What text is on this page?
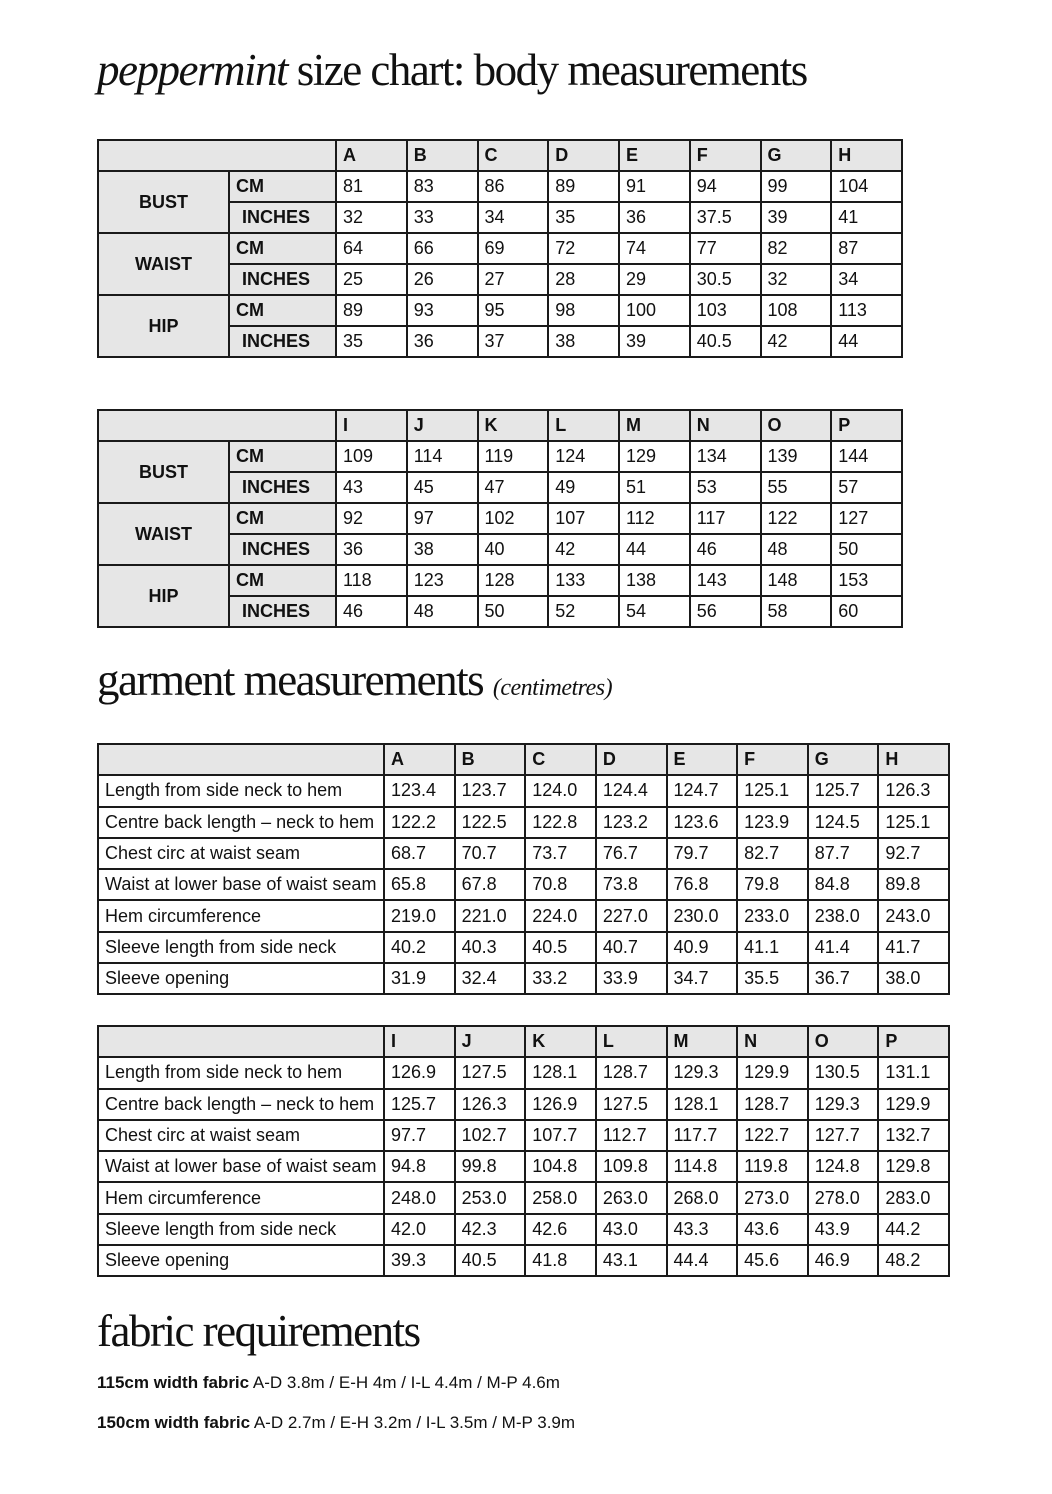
peppermint size chart: body measurements
		A	B	C	D	E	F	G	H
BUST	CM	81	83	86	89	91	94	99	104
	INCHES	32	33	34	35	36	37.5	39	41
WAIST	CM	64	66	69	72	74	77	82	87
	INCHES	25	26	27	28	29	30.5	32	34
HIP	CM	89	93	95	98	100	103	108	113
	INCHES	35	36	37	38	39	40.5	42	44
		I	J	K	L	M	N	O	P
BUST	CM	109	114	119	124	129	134	139	144
	INCHES	43	45	47	49	51	53	55	57
WAIST	CM	92	97	102	107	112	117	122	127
	INCHES	36	38	40	42	44	46	48	50
HIP	CM	118	123	128	133	138	143	148	153
	INCHES	46	48	50	52	54	56	58	60
garment measurements (centimetres)
	A	B	C	D	E	F	G	H
Length from side neck to hem	123.4	123.7	124.0	124.4	124.7	125.1	125.7	126.3
Centre back length – neck to hem	122.2	122.5	122.8	123.2	123.6	123.9	124.5	125.1
Chest circ at waist seam	68.7	70.7	73.7	76.7	79.7	82.7	87.7	92.7
Waist at lower base of waist seam	65.8	67.8	70.8	73.8	76.8	79.8	84.8	89.8
Hem circumference	219.0	221.0	224.0	227.0	230.0	233.0	238.0	243.0
Sleeve length from side neck	40.2	40.3	40.5	40.7	40.9	41.1	41.4	41.7
Sleeve opening	31.9	32.4	33.2	33.9	34.7	35.5	36.7	38.0
	I	J	K	L	M	N	O	P
Length from side neck to hem	126.9	127.5	128.1	128.7	129.3	129.9	130.5	131.1
Centre back length – neck to hem	125.7	126.3	126.9	127.5	128.1	128.7	129.3	129.9
Chest circ at waist seam	97.7	102.7	107.7	112.7	117.7	122.7	127.7	132.7
Waist at lower base of waist seam	94.8	99.8	104.8	109.8	114.8	119.8	124.8	129.8
Hem circumference	248.0	253.0	258.0	263.0	268.0	273.0	278.0	283.0
Sleeve length from side neck	42.0	42.3	42.6	43.0	43.3	43.6	43.9	44.2
Sleeve opening	39.3	40.5	41.8	43.1	44.4	45.6	46.9	48.2
fabric requirements

115cm width fabric A-D 3.8m / E-H 4m / I-L 4.4m / M-P 4.6m

150cm width fabric A-D 2.7m / E-H 3.2m / I-L 3.5m / M-P 3.9m
